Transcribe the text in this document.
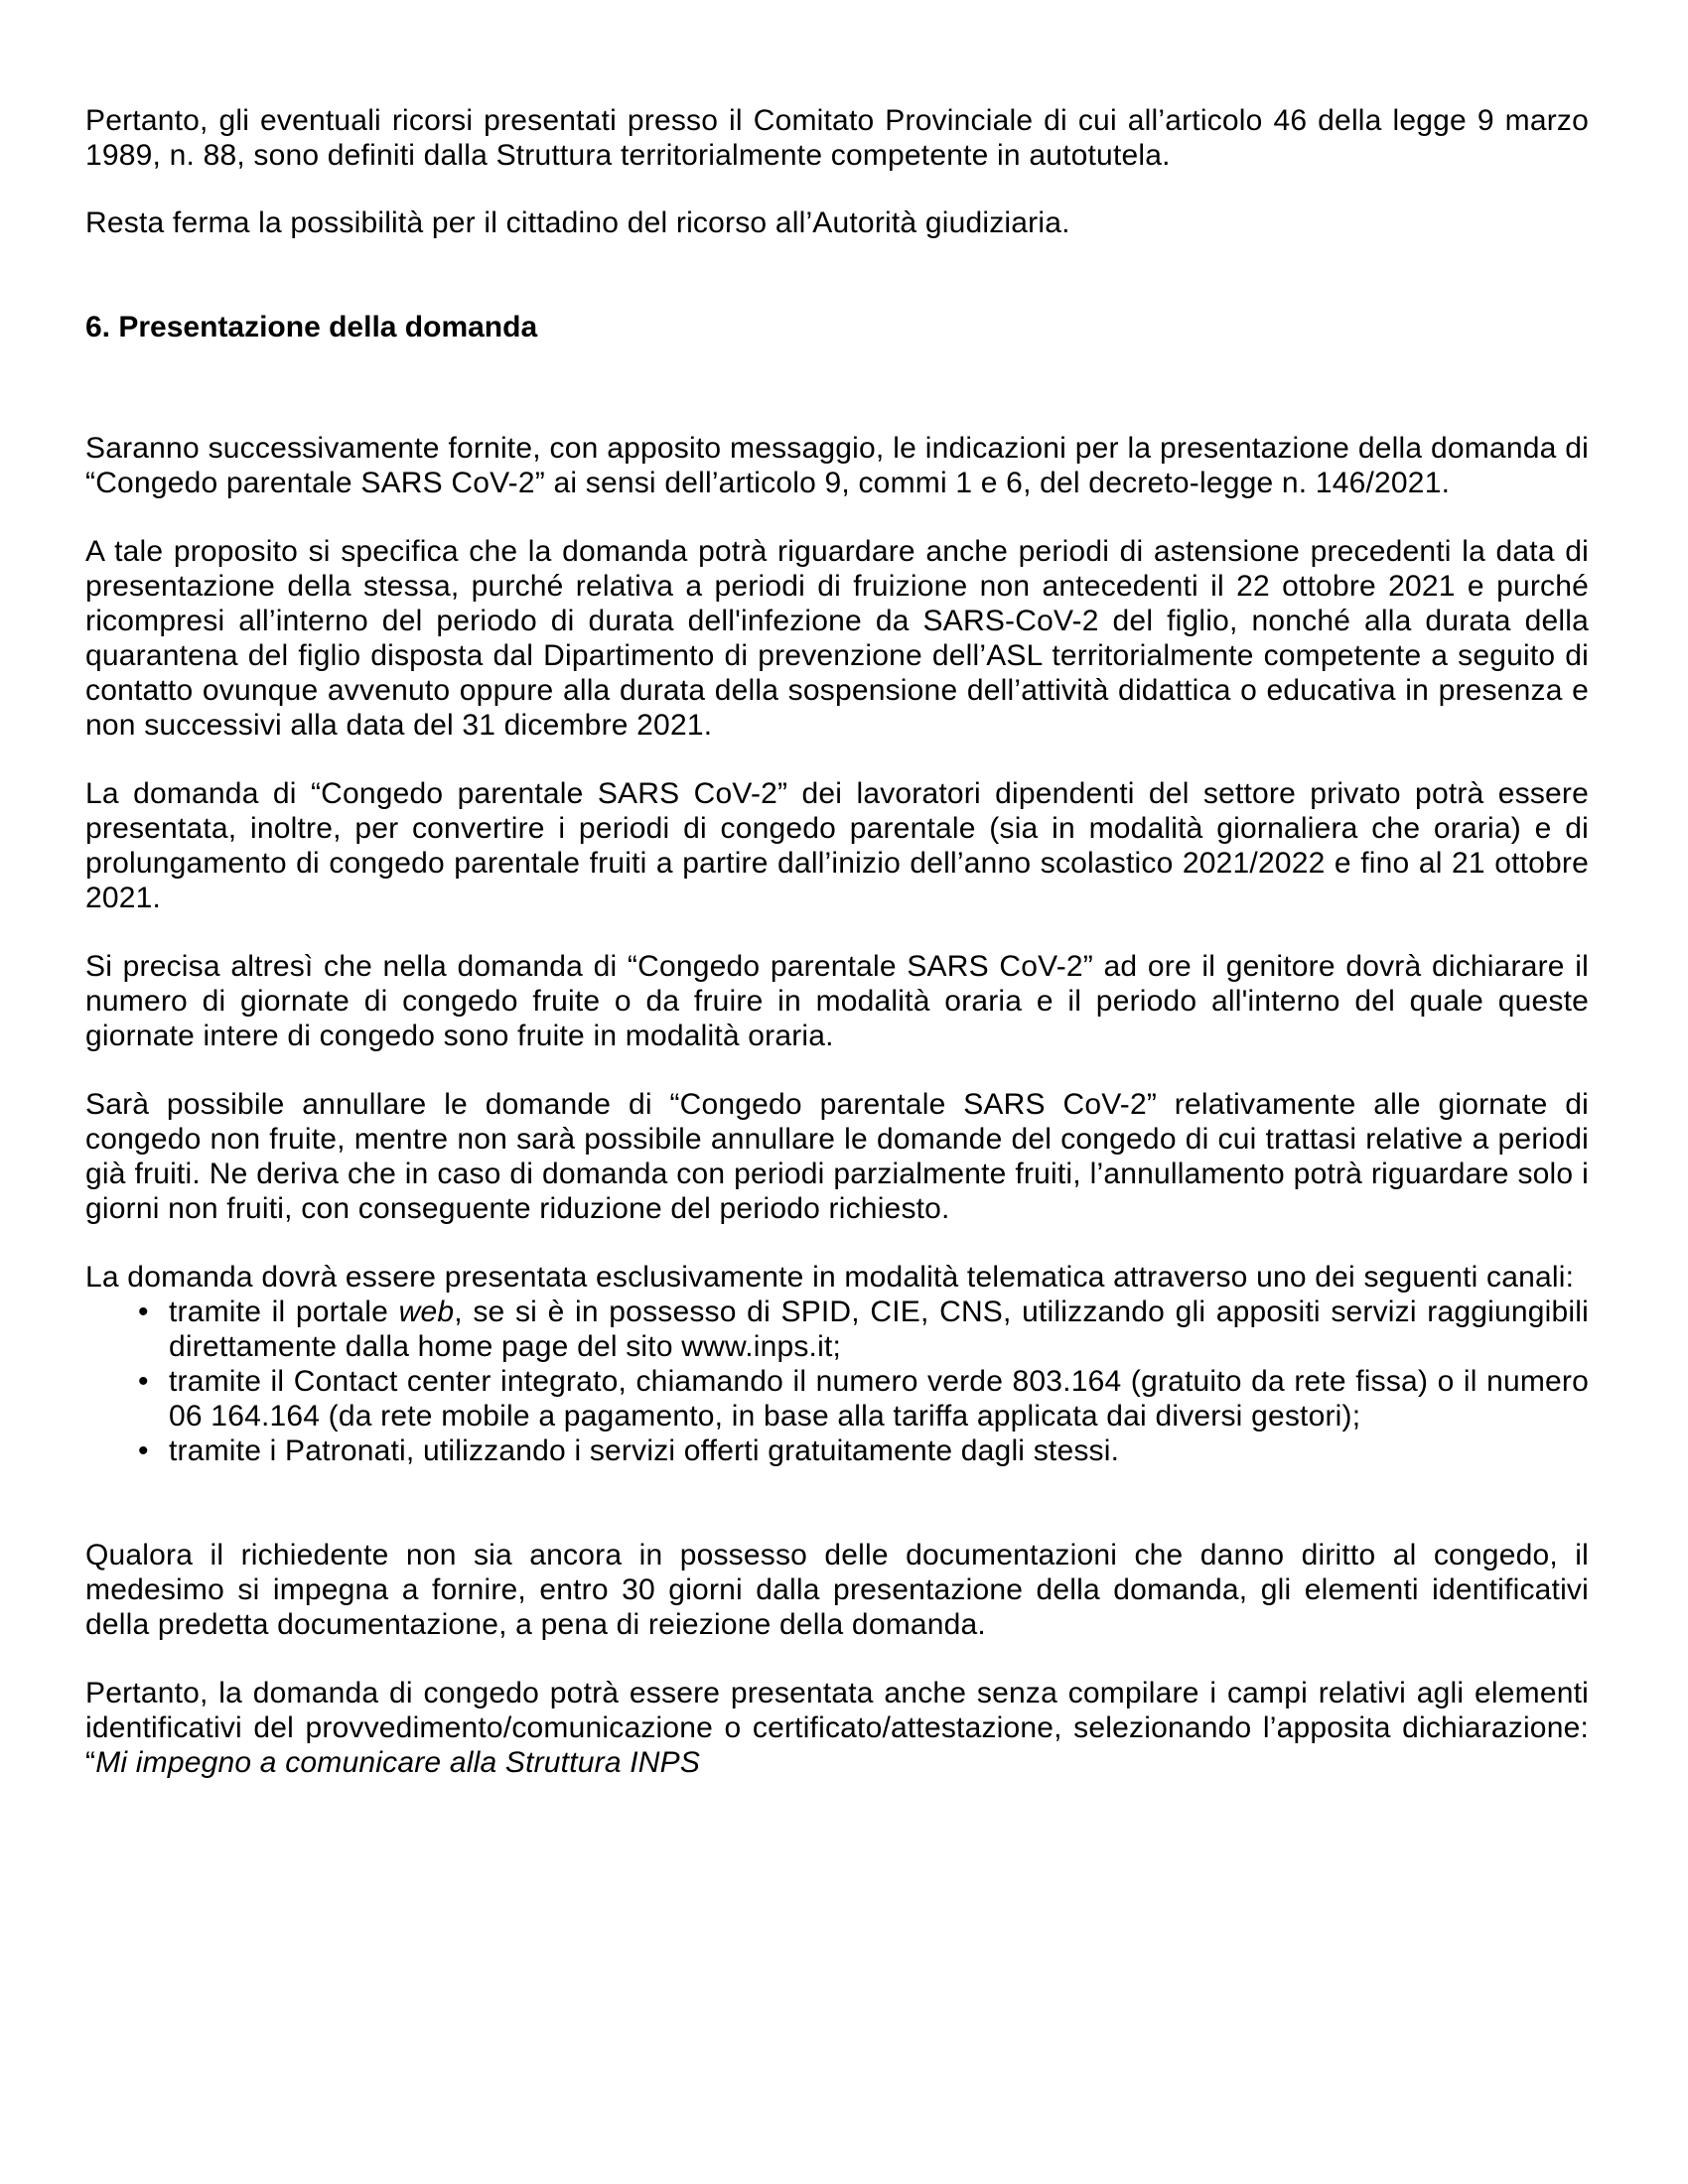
Pertanto, gli eventuali ricorsi presentati presso il Comitato Provinciale di cui all’articolo 46 della legge 9 marzo 1989, n. 88, sono definiti dalla Struttura territorialmente competente in autotutela.

Resta ferma la possibilità per il cittadino del ricorso all’Autorità giudiziaria.

6. Presentazione della domanda

Saranno successivamente fornite, con apposito messaggio, le indicazioni per la presentazione della domanda di “Congedo parentale SARS CoV-2” ai sensi dell’articolo 9, commi 1 e 6, del decreto-legge n. 146/2021.

A tale proposito si specifica che la domanda potrà riguardare anche periodi di astensione precedenti la data di presentazione della stessa, purché relativa a periodi di fruizione non antecedenti il 22 ottobre 2021 e purché ricompresi all’interno del periodo di durata dell'infezione da SARS-CoV-2 del figlio, nonché alla durata della quarantena del figlio disposta dal Dipartimento di prevenzione dell’ASL territorialmente competente a seguito di contatto ovunque avvenuto oppure alla durata della sospensione dell’attività didattica o educativa in presenza e non successivi alla data del 31 dicembre 2021.

La domanda di “Congedo parentale SARS CoV-2” dei lavoratori dipendenti del settore privato potrà essere presentata, inoltre, per convertire i periodi di congedo parentale (sia in modalità giornaliera che oraria) e di prolungamento di congedo parentale fruiti a partire dall’inizio dell’anno scolastico 2021/2022 e fino al 21 ottobre 2021.

Si precisa altresì che nella domanda di “Congedo parentale SARS CoV-2” ad ore il genitore dovrà dichiarare il numero di giornate di congedo fruite o da fruire in modalità oraria e il periodo all'interno del quale queste giornate intere di congedo sono fruite in modalità oraria.

Sarà possibile annullare le domande di “Congedo parentale SARS CoV-2” relativamente alle giornate di congedo non fruite, mentre non sarà possibile annullare le domande del congedo di cui trattasi relative a periodi già fruiti. Ne deriva che in caso di domanda con periodi parzialmente fruiti, l’annullamento potrà riguardare solo i giorni non fruiti, con conseguente riduzione del periodo richiesto.

La domanda dovrà essere presentata esclusivamente in modalità telematica attraverso uno dei seguenti canali:

• tramite il portale web, se si è in possesso di SPID, CIE, CNS, utilizzando gli appositi servizi raggiungibili direttamente dalla home page del sito www.inps.it;
• tramite il Contact center integrato, chiamando il numero verde 803.164 (gratuito da rete fissa) o il numero 06 164.164 (da rete mobile a pagamento, in base alla tariffa applicata dai diversi gestori);
• tramite i Patronati, utilizzando i servizi offerti gratuitamente dagli stessi.

Qualora il richiedente non sia ancora in possesso delle documentazioni che danno diritto al congedo, il medesimo si impegna a fornire, entro 30 giorni dalla presentazione della domanda, gli elementi identificativi della predetta documentazione, a pena di reiezione della domanda.

Pertanto, la domanda di congedo potrà essere presentata anche senza compilare i campi relativi agli elementi identificativi del provvedimento/comunicazione o certificato/attestazione, selezionando l’apposita dichiarazione: “Mi impegno a comunicare alla Struttura INPS
